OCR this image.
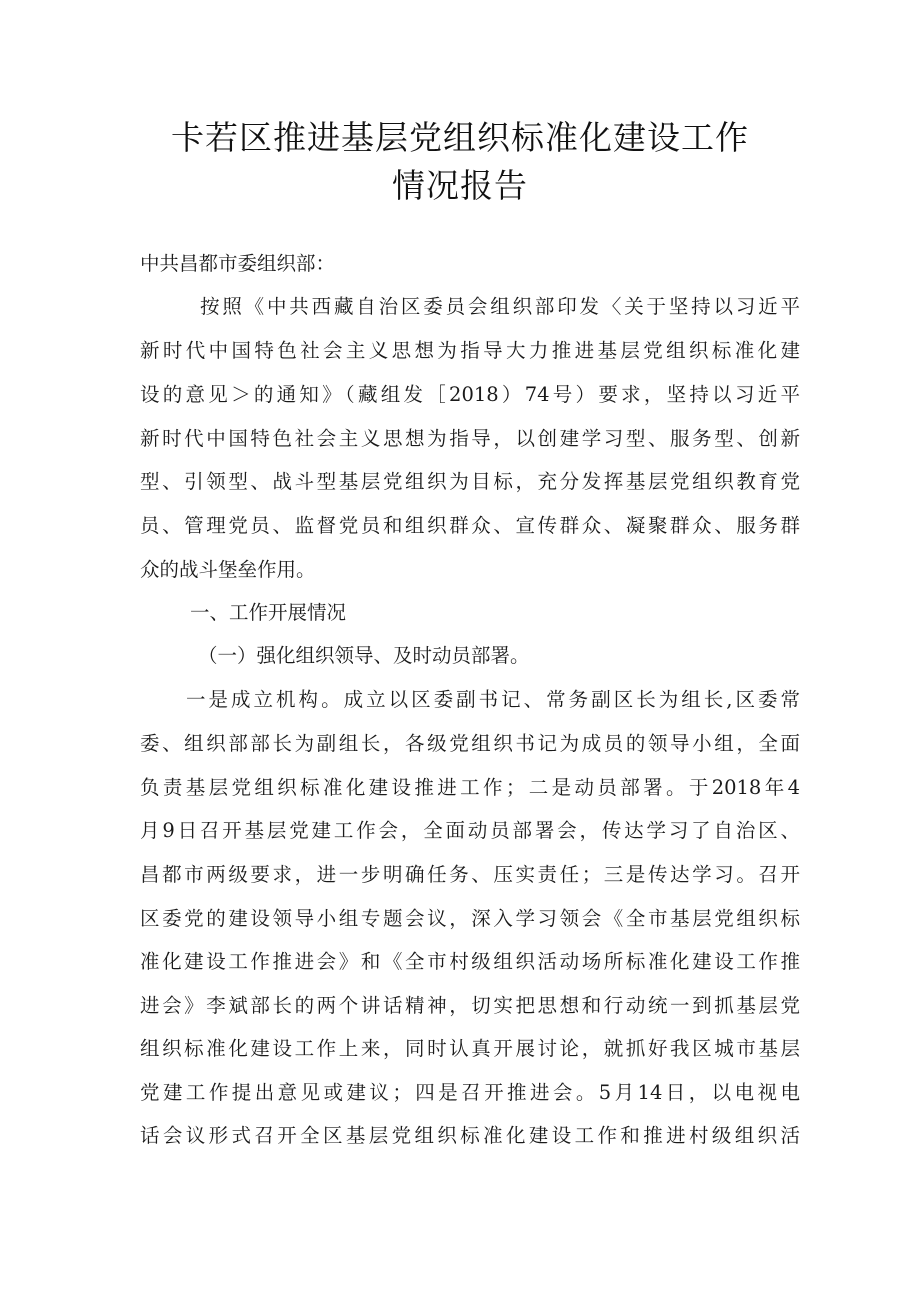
卡若区推进基层党组织标准化建设工作
情况报告
中共昌都市委组织部：
按照《中共西藏自治区委员会组织部印发〈关于坚持以习近平
新时代中国特色社会主义思想为指导大力推进基层党组织标准化建
设的意见＞的通知》（藏组发［2018）74号）要求，坚持以习近平
新时代中国特色社会主义思想为指导，以创建学习型、服务型、创新
型、引领型、战斗型基层党组织为目标，充分发挥基层党组织教育党
员、管理党员、监督党员和组织群众、宣传群众、凝聚群众、服务群
众的战斗堡垒作用。
一、工作开展情况
（一）强化组织领导、及时动员部署。
一是成立机构。成立以区委副书记、常务副区长为组长,区委常
委、组织部部长为副组长，各级党组织书记为成员的领导小组，全面
负责基层党组织标准化建设推进工作；二是动员部署。于2018年4
月9日召开基层党建工作会，全面动员部署会，传达学习了自治区、
昌都市两级要求，进一步明确任务、压实责任；三是传达学习。召开
区委党的建设领导小组专题会议，深入学习领会《全市基层党组织标
准化建设工作推进会》和《全市村级组织活动场所标准化建设工作推
进会》李斌部长的两个讲话精神，切实把思想和行动统一到抓基层党
组织标准化建设工作上来，同时认真开展讨论，就抓好我区城市基层
党建工作提出意见或建议；四是召开推进会。5月14日，以电视电
话会议形式召开全区基层党组织标准化建设工作和推进村级组织活
